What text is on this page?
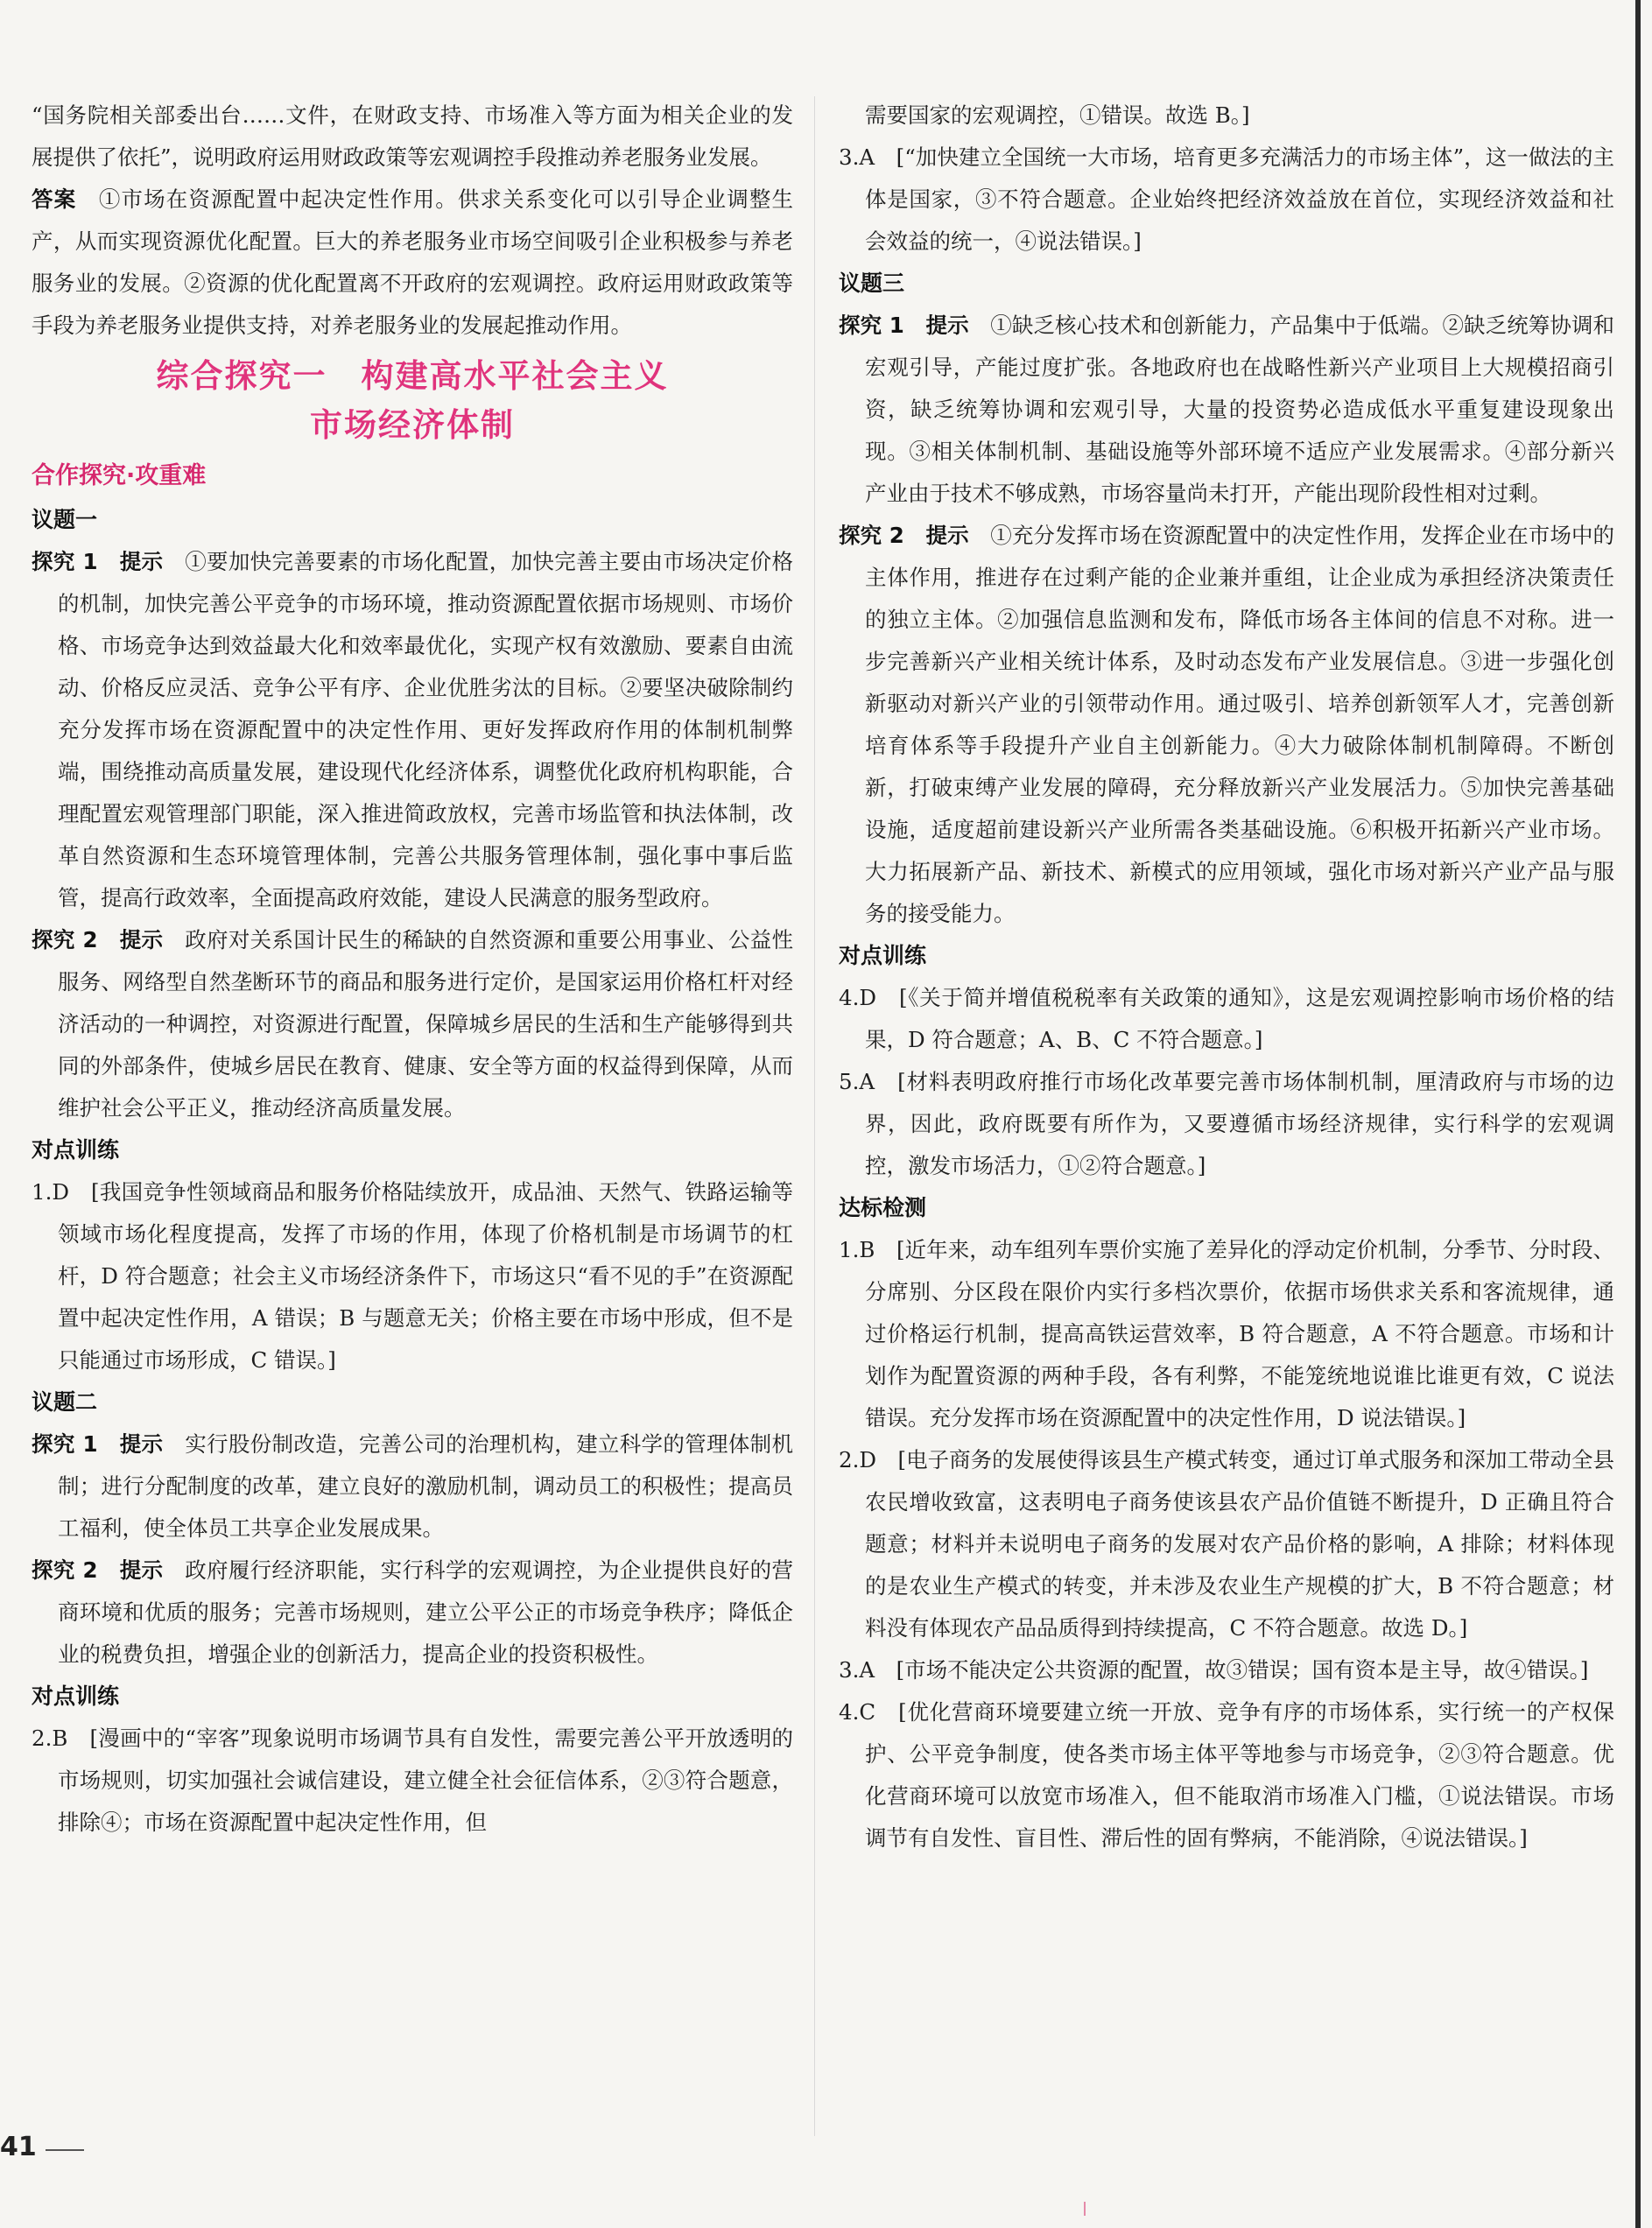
“国务院相关部委出台……文件，在财政支持、市场准入等方面为相关企业的发展提供了依托”，说明政府运用财政政策等宏观调控手段推动养老服务业发展。

答案　 ①市场在资源配置中起决定性作用。供求关系变化可以引导企业调整生产，从而实现资源优化配置。巨大的养老服务业市场空间吸引企业积极参与养老服务业的发展。②资源的优化配置离不开政府的宏观调控。政府运用财政政策等手段为养老服务业提供支持，对养老服务业的发展起推动作用。

综合探究一　构建高水平社会主义
市场经济体制

合作探究·攻重难

议题一

探究 1　 提示　 ①要加快完善要素的市场化配置，加快完善主要由市场决定价格的机制，加快完善公平竞争的市场环境，推动资源配置依据市场规则、市场价格、市场竞争达到效益最大化和效率最优化，实现产权有效激励、要素自由流动、价格反应灵活、竞争公平有序、企业优胜劣汰的目标。②要坚决破除制约充分发挥市场在资源配置中的决定性作用、更好发挥政府作用的体制机制弊端，围绕推动高质量发展，建设现代化经济体系，调整优化政府机构职能，合理配置宏观管理部门职能，深入推进简政放权，完善市场监管和执法体制，改革自然资源和生态环境管理体制，完善公共服务管理体制，强化事中事后监管，提高行政效率，全面提高政府效能，建设人民满意的服务型政府。

探究 2　 提示　 政府对关系国计民生的稀缺的自然资源和重要公用事业、公益性服务、网络型自然垄断环节的商品和服务进行定价，是国家运用价格杠杆对经济活动的一种调控，对资源进行配置，保障城乡居民的生活和生产能够得到共同的外部条件，使城乡居民在教育、健康、安全等方面的权益得到保障，从而维护社会公平正义，推动经济高质量发展。

对点训练

1.D　[我国竞争性领域商品和服务价格陆续放开，成品油、天然气、铁路运输等领域市场化程度提高，发挥了市场的作用，体现了价格机制是市场调节的杠杆，D 符合题意；社会主义市场经济条件下，市场这只“看不见的手”在资源配置中起决定性作用，A 错误；B 与题意无关；价格主要在市场中形成，但不是只能通过市场形成，C 错误。]

议题二

探究 1　 提示　 实行股份制改造，完善公司的治理机构，建立科学的管理体制机制；进行分配制度的改革，建立良好的激励机制，调动员工的积极性；提高员工福利，使全体员工共享企业发展成果。

探究 2　 提示　 政府履行经济职能，实行科学的宏观调控，为企业提供良好的营商环境和优质的服务；完善市场规则，建立公平公正的市场竞争秩序；降低企业的税费负担，增强企业的创新活力，提高企业的投资积极性。

对点训练

2.B　[漫画中的“宰客”现象说明市场调节具有自发性，需要完善公平开放透明的市场规则，切实加强社会诚信建设，建立健全社会征信体系，②③符合题意，排除④；市场在资源配置中起决定性作用，但

需要国家的宏观调控，①错误。故选 B。]

3.A　[“加快建立全国统一大市场，培育更多充满活力的市场主体”，这一做法的主体是国家，③不符合题意。企业始终把经济效益放在首位，实现经济效益和社会效益的统一，④说法错误。]

议题三

探究 1　 提示　 ①缺乏核心技术和创新能力，产品集中于低端。②缺乏统筹协调和宏观引导，产能过度扩张。各地政府也在战略性新兴产业项目上大规模招商引资，缺乏统筹协调和宏观引导，大量的投资势必造成低水平重复建设现象出现。③相关体制机制、基础设施等外部环境不适应产业发展需求。④部分新兴产业由于技术不够成熟，市场容量尚未打开，产能出现阶段性相对过剩。

探究 2　 提示　 ①充分发挥市场在资源配置中的决定性作用，发挥企业在市场中的主体作用，推进存在过剩产能的企业兼并重组，让企业成为承担经济决策责任的独立主体。②加强信息监测和发布，降低市场各主体间的信息不对称。进一步完善新兴产业相关统计体系，及时动态发布产业发展信息。③进一步强化创新驱动对新兴产业的引领带动作用。通过吸引、培养创新领军人才，完善创新培育体系等手段提升产业自主创新能力。④大力破除体制机制障碍。不断创新，打破束缚产业发展的障碍，充分释放新兴产业发展活力。⑤加快完善基础设施，适度超前建设新兴产业所需各类基础设施。⑥积极开拓新兴产业市场。大力拓展新产品、新技术、新模式的应用领域，强化市场对新兴产业产品与服务的接受能力。

对点训练

4.D　[《关于简并增值税税率有关政策的通知》，这是宏观调控影响市场价格的结果，D 符合题意；A、B、C 不符合题意。]

5.A　[材料表明政府推行市场化改革要完善市场体制机制，厘清政府与市场的边界，因此，政府既要有所作为，又要遵循市场经济规律，实行科学的宏观调控，激发市场活力，①②符合题意。]

达标检测

1.B　[近年来，动车组列车票价实施了差异化的浮动定价机制，分季节、分时段、分席别、分区段在限价内实行多档次票价，依据市场供求关系和客流规律，通过价格运行机制，提高高铁运营效率，B 符合题意，A 不符合题意。市场和计划作为配置资源的两种手段，各有利弊，不能笼统地说谁比谁更有效，C 说法错误。充分发挥市场在资源配置中的决定性作用，D 说法错误。]

2.D　[电子商务的发展使得该县生产模式转变，通过订单式服务和深加工带动全县农民增收致富，这表明电子商务使该县农产品价值链不断提升，D 正确且符合题意；材料并未说明电子商务的发展对农产品价格的影响，A 排除；材料体现的是农业生产模式的转变，并未涉及农业生产规模的扩大，B 不符合题意；材料没有体现农产品品质得到持续提高，C 不符合题意。故选 D。]

3.A　[市场不能决定公共资源的配置，故③错误；国有资本是主导，故④错误。]

4.C　[优化营商环境要建立统一开放、竞争有序的市场体系，实行统一的产权保护、公平竞争制度，使各类市场主体平等地参与市场竞争，②③符合题意。优化营商环境可以放宽市场准入，但不能取消市场准入门槛，①说法错误。市场调节有自发性、盲目性、滞后性的固有弊病，不能消除，④说法错误。]

41
